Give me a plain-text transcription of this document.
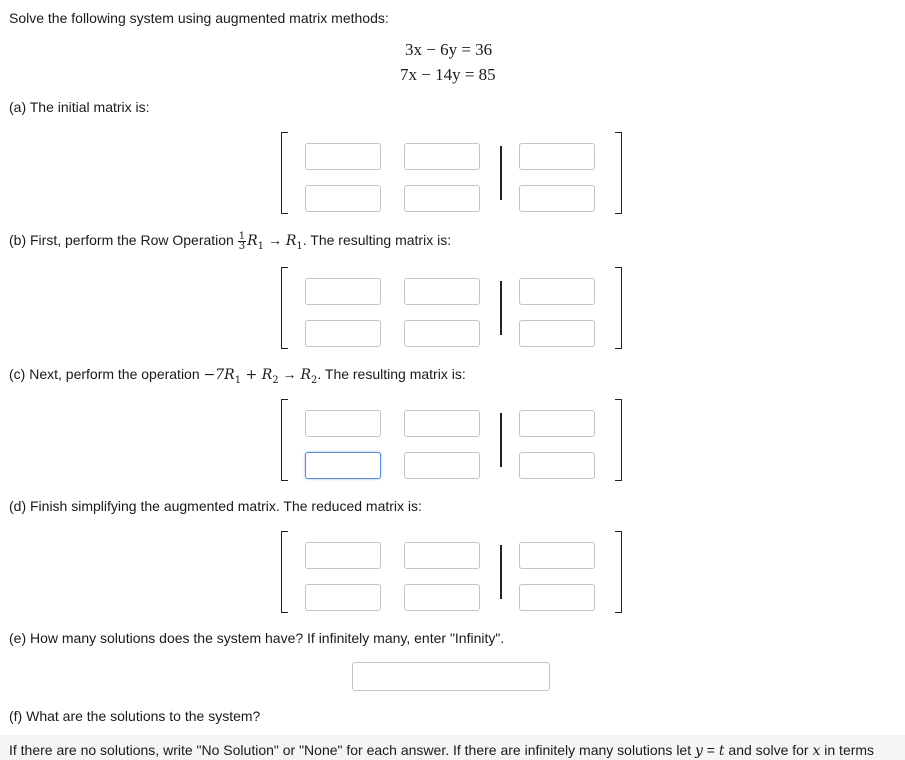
Solve the following system using augmented matrix methods:
3x − 6y = 36
7x − 14y = 85
(a) The initial matrix is:
(b) First, perform the Row Operation $\frac{1}{3} R_1 \to R_1$. The resulting matrix is:
(c) Next, perform the operation $-7R_1 + R_2 \to R_2$. The resulting matrix is:
(d) Finish simplifying the augmented matrix. The reduced matrix is:
(e) How many solutions does the system have? If infinitely many, enter "Infinity".
(f) What are the solutions to the system?
If there are no solutions, write "No Solution" or "None" for each answer. If there are infinitely many solutions let y = t and solve for x in terms
